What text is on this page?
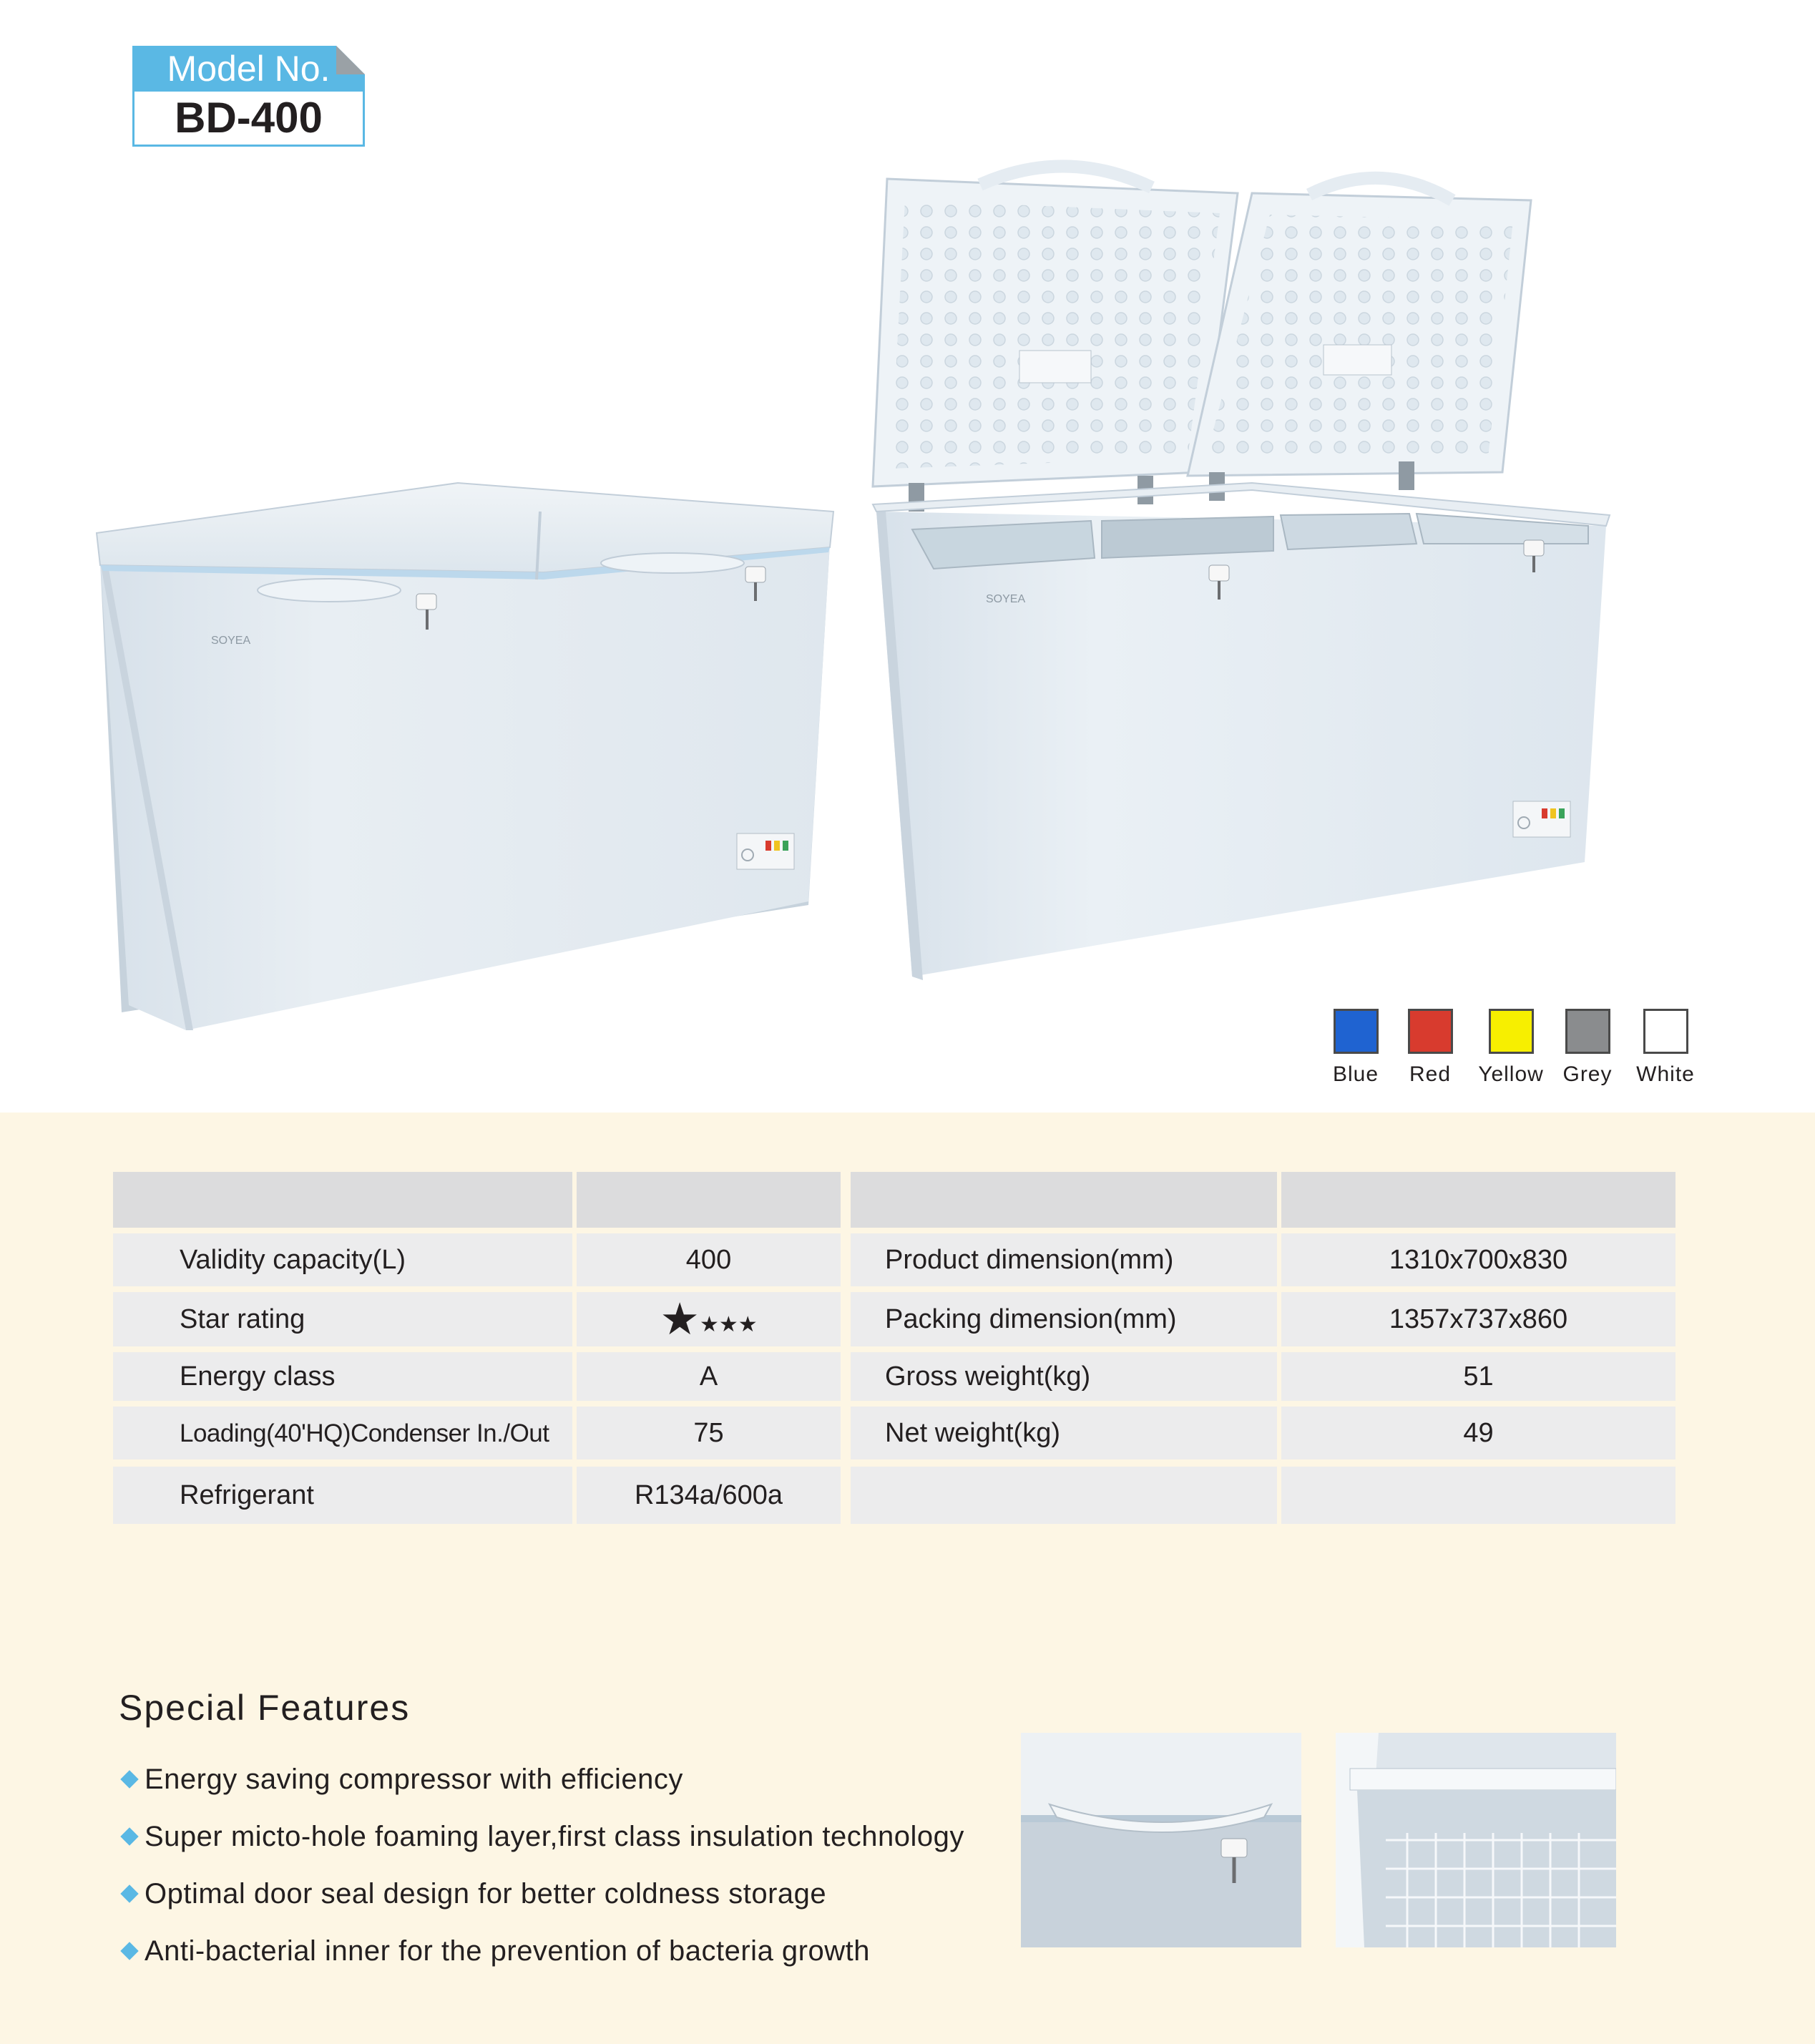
Model No.
BD-400
SOYEA
SOYEA
Blue	Red	Yellow Grey	White
Validity capacity(L)	400	Product dimension(mm)	1310x700x830
Star rating	★★★★	Packing dimension(mm)	1357x737x860
Energy class	A	Gross weight(kg)	51
Loading(40'HQ)Condenser In./Out	75	Net weight(kg)	49
Refrigerant	R134a/600a
Special Features
Energy saving compressor with efficiency
Super micto-hole foaming layer,first class insulation technology
Optimal door seal design for better coldness storage
Anti-bacterial inner for the prevention of bacteria growth
